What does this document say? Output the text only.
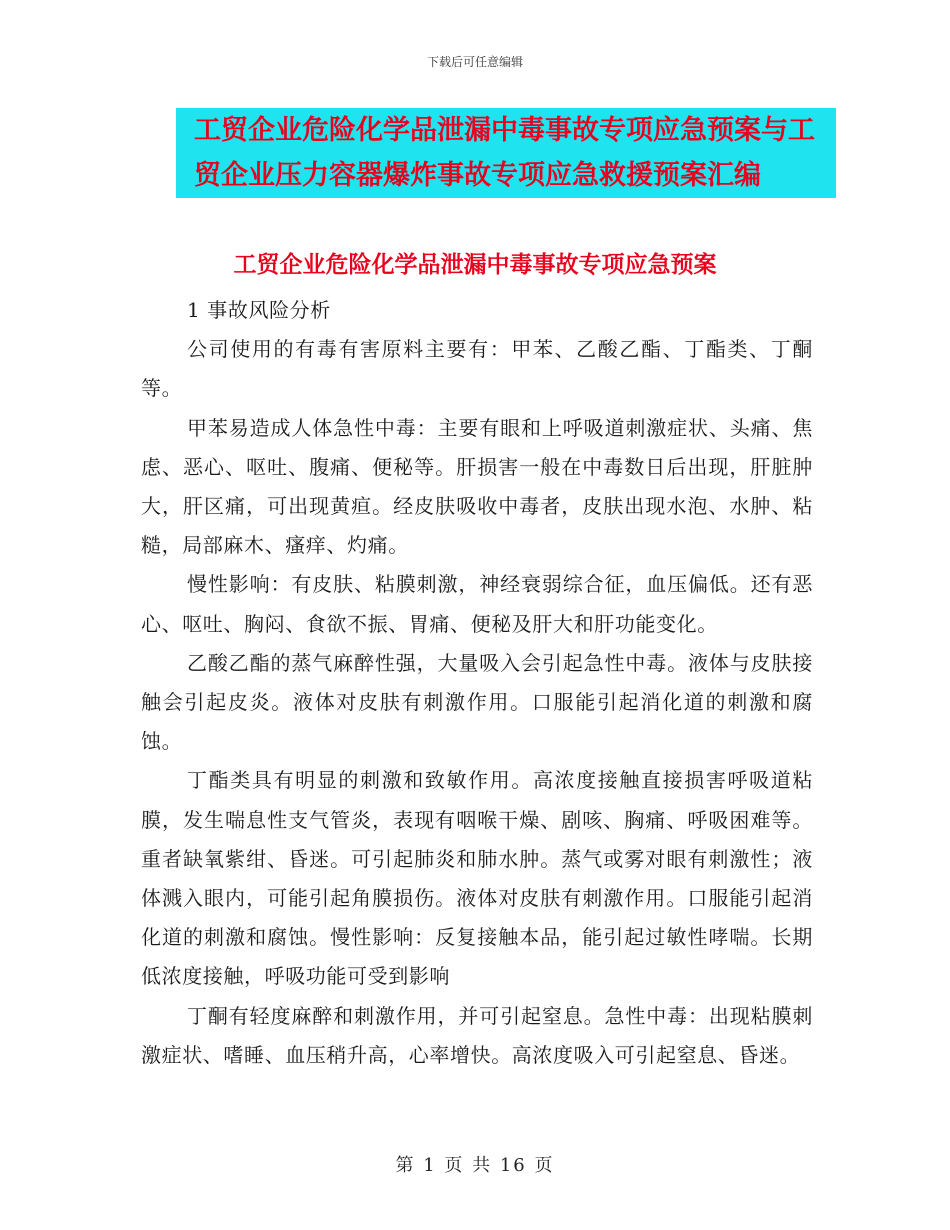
下载后可任意编辑
工贸企业危险化学品泄漏中毒事故专项应急预案与工
贸企业压力容器爆炸事故专项应急救援预案汇编
工贸企业危险化学品泄漏中毒事故专项应急预案

1 事故风险分析

公司使用的有毒有害原料主要有：甲苯、乙酸乙酯、丁酯类、丁酮等。

甲苯易造成人体急性中毒：主要有眼和上呼吸道刺激症状、头痛、焦虑、恶心、呕吐、腹痛、便秘等。肝损害一般在中毒数日后出现，肝脏肿大，肝区痛，可出现黄疸。经皮肤吸收中毒者，皮肤出现水泡、水肿、粘糙，局部麻木、瘙痒、灼痛。

慢性影响：有皮肤、粘膜刺激，神经衰弱综合征，血压偏低。还有恶心、呕吐、胸闷、食欲不振、胃痛、便秘及肝大和肝功能变化。

乙酸乙酯的蒸气麻醉性强，大量吸入会引起急性中毒。液体与皮肤接触会引起皮炎。液体对皮肤有刺激作用。口服能引起消化道的刺激和腐蚀。

丁酯类具有明显的刺激和致敏作用。高浓度接触直接损害呼吸道粘膜，发生喘息性支气管炎，表现有咽喉干燥、剧咳、胸痛、呼吸困难等。重者缺氧紫绀、昏迷。可引起肺炎和肺水肿。蒸气或雾对眼有刺激性；液体溅入眼内，可能引起角膜损伤。液体对皮肤有刺激作用。口服能引起消化道的刺激和腐蚀。慢性影响：反复接触本品，能引起过敏性哮喘。长期低浓度接触，呼吸功能可受到影响

丁酮有轻度麻醉和刺激作用，并可引起窒息。急性中毒：出现粘膜刺激症状、嗜睡、血压稍升高，心率增快。高浓度吸入可引起窒息、昏迷。

第 1 页 共 16 页
